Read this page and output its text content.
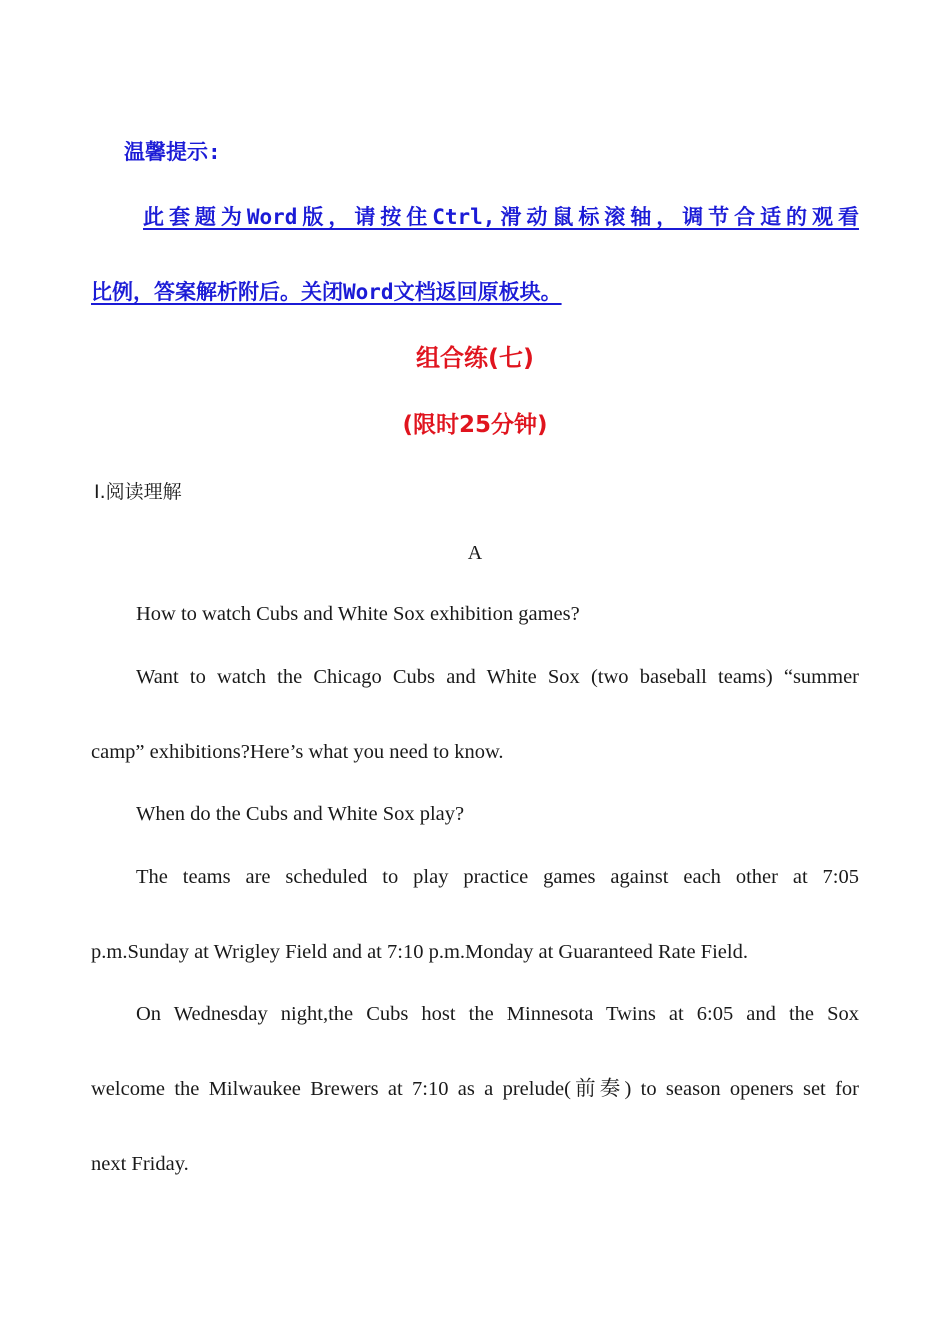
温馨提示:
此套题为Word版，请按住Ctrl,滑动鼠标滚轴，调节合适的观看
比例，答案解析附后。关闭Word文档返回原板块。
组合练(七)
(限时25分钟)
Ⅰ.阅读理解
A
How to watch Cubs and White Sox exhibition games?
Want to watch the Chicago Cubs and White Sox (two baseball teams) “summer
camp” exhibitions?Here’s what you need to know.
When do the Cubs and White Sox play?
The teams are scheduled to play practice games against each other at 7:05
p.m.Sunday at Wrigley Field and at 7:10 p.m.Monday at Guaranteed Rate Field.
On Wednesday night,the Cubs host the Minnesota Twins at 6:05 and the Sox
welcome the Milwaukee Brewers at 7:10 as a prelude(前奏) to season openers set for
next Friday.
